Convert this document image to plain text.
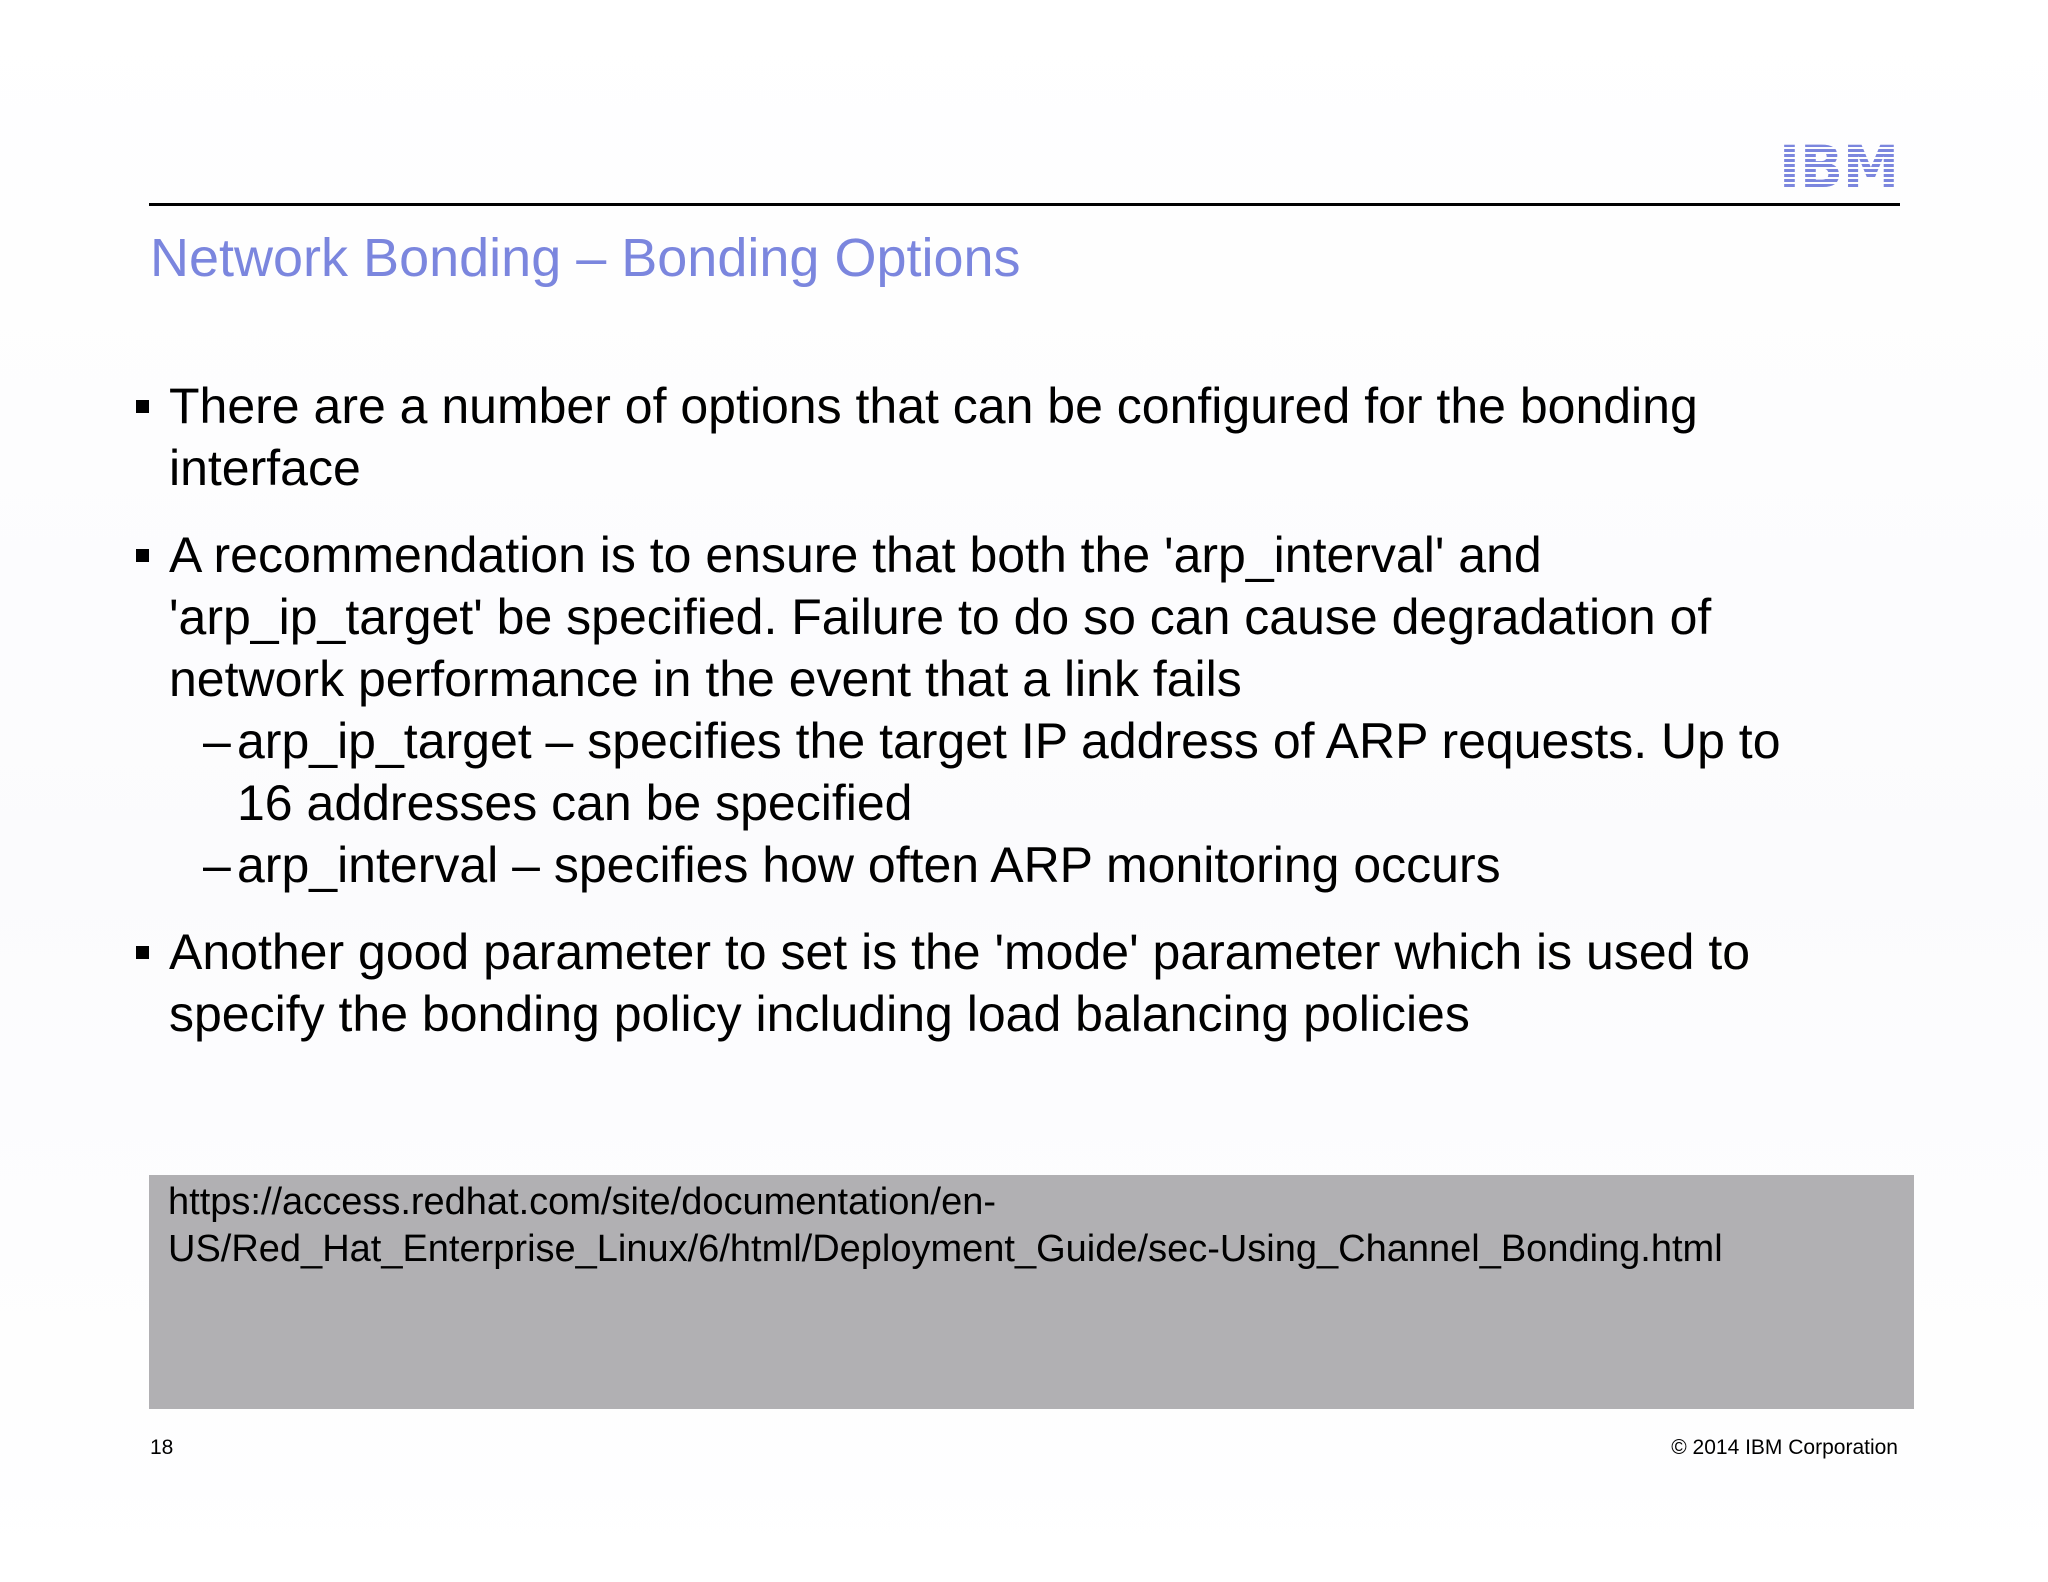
Network Bonding – Bonding Options
There are a number of options that can be configured for the bonding
interface
A recommendation is to ensure that both the 'arp_interval' and
'arp_ip_target' be specified. Failure to do so can cause degradation of
network performance in the event that a link fails
– arp_ip_target – specifies the target IP address of ARP requests. Up to
16 addresses can be specified
– arp_interval – specifies how often ARP monitoring occurs
Another good parameter to set is the 'mode' parameter which is used to
specify the bonding policy including load balancing policies
https://access.redhat.com/site/documentation/en-
US/Red_Hat_Enterprise_Linux/6/html/Deployment_Guide/sec-Using_Channel_Bonding.html
18	© 2014 IBM Corporation
